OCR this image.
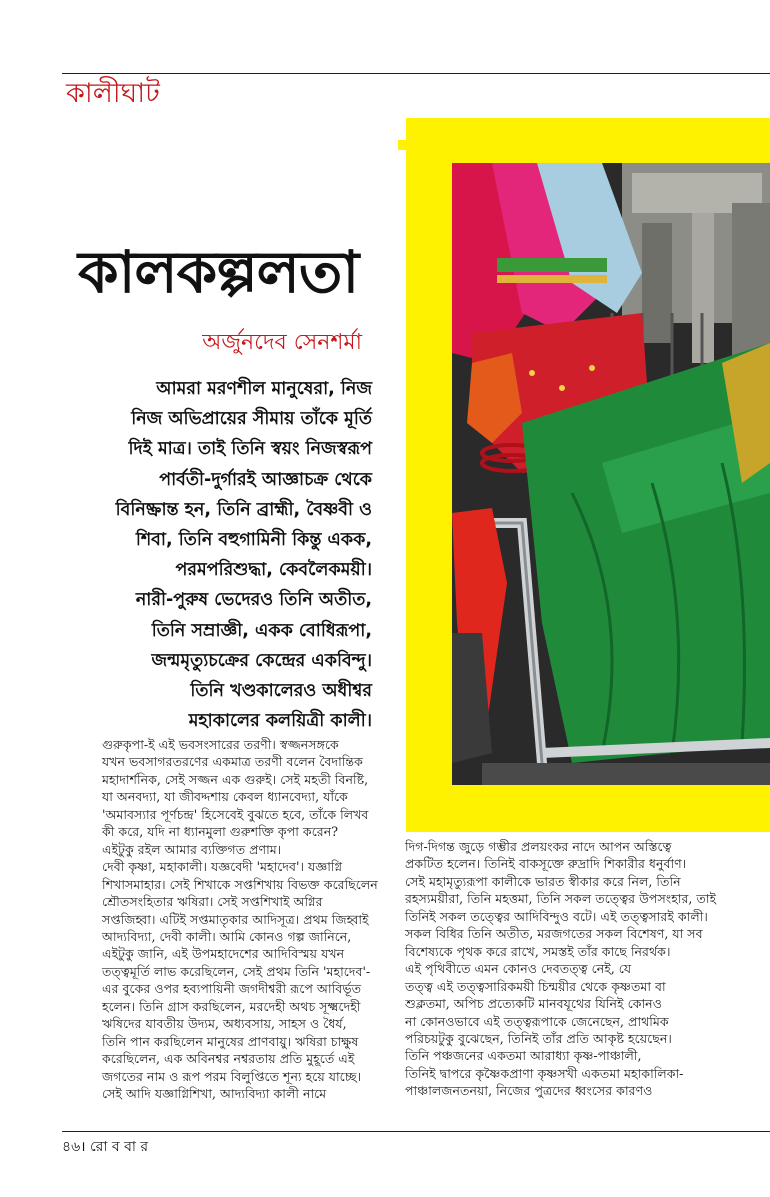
কালীঘাট
কালকল্পলতা
অর্জুনদেব সেনশর্মা
আমরা মরণশীল মানুষেরা, নিজ
নিজ অভিপ্রায়ের সীমায় তাঁকে মূর্তি
দিই মাত্র। তাই তিনি স্বয়ং নিজস্বরূপ
পার্বতী-দুর্গারই আজ্ঞাচক্র থেকে
বিনিষ্ক্রান্ত হন, তিনি ব্রাহ্মী, বৈষ্ণবী ও
শিবা, তিনি বহুগামিনী কিন্তু একক,
পরমপরিশুদ্ধা, কেবলৈকময়ী।
নারী-পুরুষ ভেদেরও তিনি অতীত,
তিনি সম্রাজ্ঞী, একক বোধিরূপা,
জন্মমৃত্যুচক্রের কেন্দ্রের একবিন্দু।
তিনি খণ্ডকালেরও অধীশ্বর
মহাকালের কলয়িত্রী কালী।
গুরুকৃপা-ই এই ভবসংসারের তরণী। স্বজ্জনসঙ্গকে
যখন ভবসাগরতরণের একমাত্র তরণী বলেন বৈদান্তিক
মহাদার্শনিক, সেই সজ্জন এক গুরুই। সেই মহতী বিনষ্টি,
যা অনবদ্যা, যা জীবদ্দশায় কেবল ধ্যানবেদ্যা, যাঁকে
'অমাবস্যার পূর্ণচন্দ্র' হিসেবেই বুঝতে হবে, তাঁকে লিখব
কী করে, যদি না ধ্যানমুলা গুরুশক্তি কৃপা করেন?
এইটুকু রইল আমার ব্যক্তিগত প্রণাম।
দেবী কৃষ্ণা, মহাকালী। যজ্ঞবেদী 'মহাদেব'। যজ্ঞাগ্নি
শিখাসমাহার। সেই শিখাকে সপ্তশিখায় বিভক্ত করেছিলেন
শ্রৌতসংহিতার ঋষিরা। সেই সপ্তশিখাই অগ্নির
সপ্তজিহ্বা। এটিই সপ্তমাতৃকার আদিসূত্র। প্রথম জিহ্বাই
আদ্যবিদ্যা, দেবী কালী। আমি কোনও গল্প জানিনে,
এইটুকু জানি, এই উপমহাদেশের আদিবিস্ময় যখন
তত্ত্বমূর্তি লাভ করেছিলেন, সেই প্রথম তিনি 'মহাদেব'-
এর বুকের ওপর হব্যপায়িনী জগদীশ্বরী রূপে আবির্ভূত
হলেন। তিনি গ্রাস করছিলেন, মরদেহী অথচ সূক্ষ্মদেহী
ঋষিদের যাবতীয় উদ্যম, অধ্যবসায়, সাহস ও ধৈর্য,
তিনি পান করছিলেন মানুষের প্রাণবায়ু। ঋষিরা চাক্ষুষ
করেছিলেন, এক অবিনশ্বর নশ্বরতায় প্রতি মুহূর্তে এই
জগতের নাম ও রূপ পরম বিলুপ্তিতে শূন্য হয়ে যাচ্ছে।
সেই আদি যজ্ঞাগ্নিশিখা, আদ্যবিদ্যা কালী নামে
দিগ-দিগন্ত জুড়ে গম্ভীর প্রলয়ংকর নাদে আপন অস্তিত্বে
প্রকটিত হলেন। তিনিই বাকসূক্তে রুদ্রাদি শিকারীর ধনুর্বাণ।
সেই মহামৃত্যুরূপা কালীকে ভারত স্বীকার করে নিল, তিনি
রহস্যময়ীরা, তিনি মহত্তমা, তিনি সকল তত্ত্বের উপসংহার, তাই
তিনিই সকল তত্ত্বের আদিবিন্দুও বটে। এই তত্ত্বসারই কালী।
সকল বিধির তিনি অতীত, মরজগতের সকল বিশেষণ, যা সব
বিশেষ্যকে পৃথক করে রাখে, সমস্তই তাঁর কাছে নিরর্থক।
এই পৃথিবীতে এমন কোনও দেবতত্ত্ব নেই, যে
তত্ত্ব এই তত্ত্বসারিকময়ী চিন্ময়ীর থেকে কৃষ্ণতমা বা
শুক্লতমা, অপিচ প্রত্যেকটি মানবযূথের যিনিই কোনও
না কোনওভাবে এই তত্ত্বরূপাকে জেনেছেন, প্রাথমিক
পরিচয়টুকু বুঝেছেন, তিনিই তাঁর প্রতি আকৃষ্ট হয়েছেন।
তিনি পঞ্চজনের একতমা আরাধ্যা কৃষ্ণ-পাঞ্চালী,
তিনিই দ্বাপরে কৃষ্ণৈকপ্রাণা কৃষ্ণসখী একতমা মহাকালিকা-
পাঞ্চালজনতনয়া, নিজের পুত্রদের ধ্বংসের কারণও
৪৬। রো ব বা র
